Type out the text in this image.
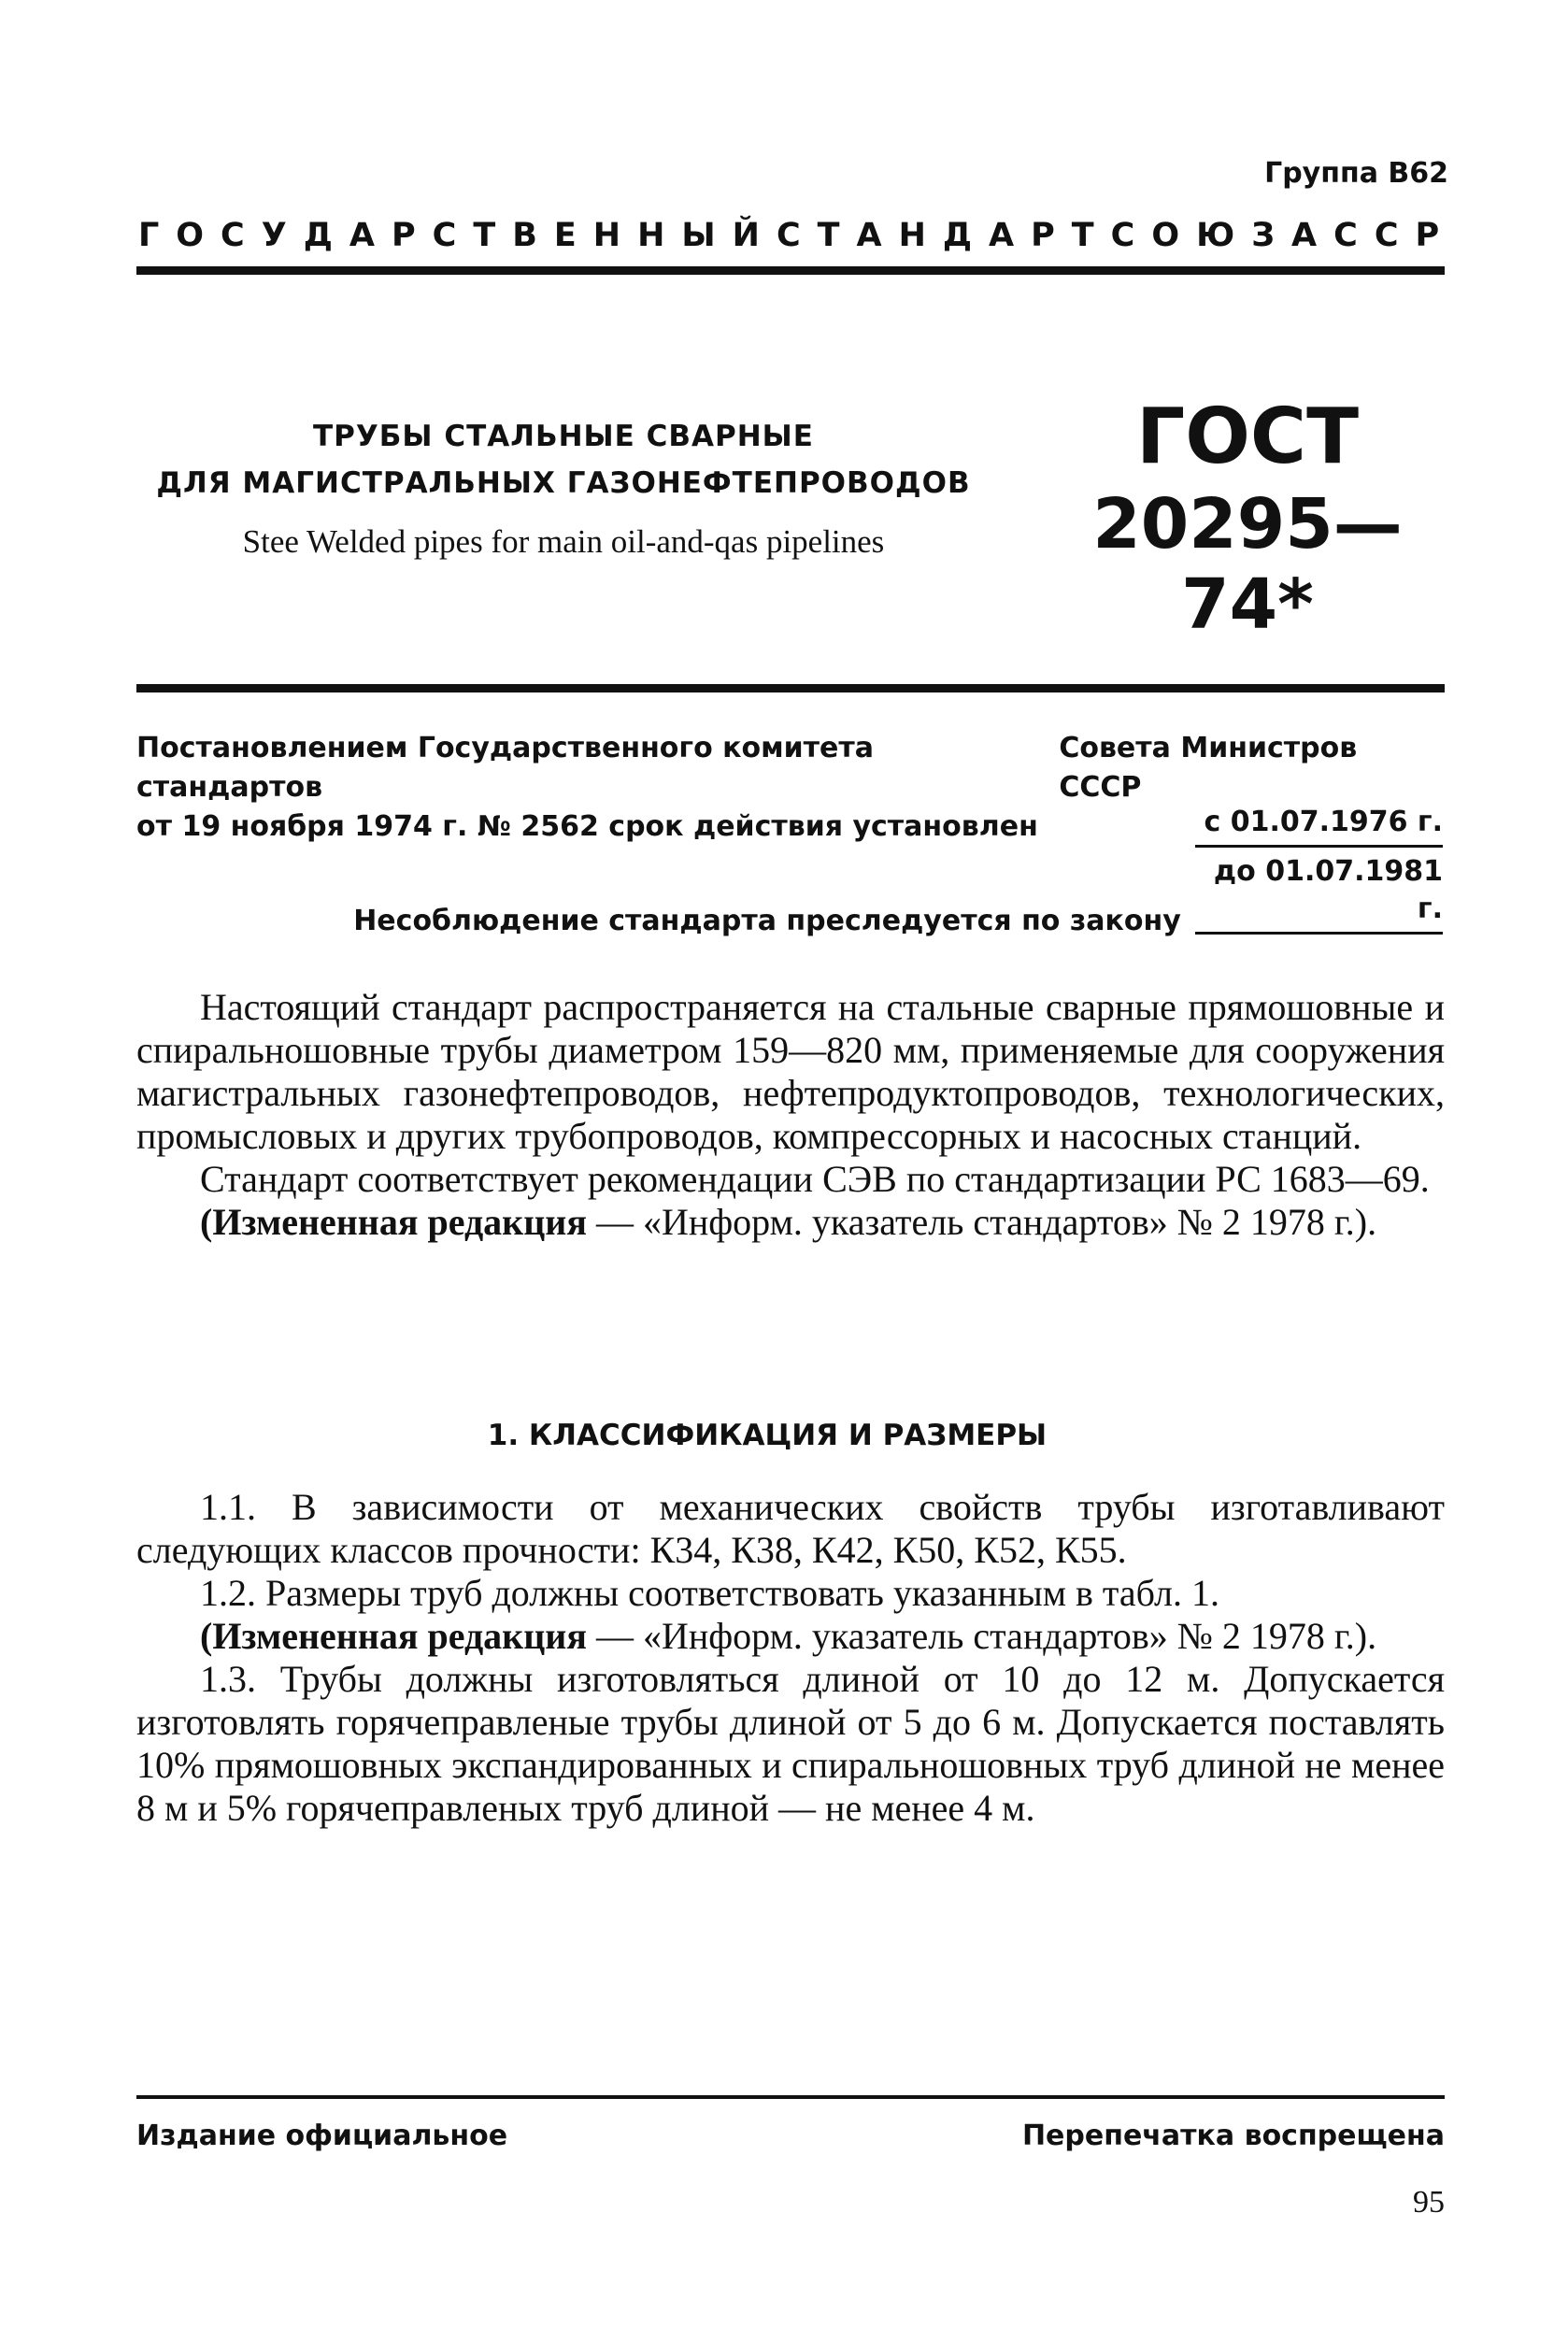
Группа В62
ГОСУДАРСТВЕННЫЙ СТАНДАРТ СОЮЗА ССР
ТРУБЫ СТАЛЬНЫЕ СВАРНЫЕ
ДЛЯ МАГИСТРАЛЬНЫХ ГАЗОНЕФТЕПРОВОДОВ
Stee Welded pipes for main oil-and-qas pipelines
ГОСТ
20295—74*
Постановлением Государственного комитета стандартов
Совета Министров СССР
от 19 ноября 1974 г. № 2562 срок действия установлен	с 01.07.1976 г.
до 01.07.1981 г.
Несоблюдение стандарта преследуется по закону

Настоящий стандарт распространяется на стальные сварные прямошовные и спиральношовные трубы диаметром 159—820 мм, применяемые для сооружения магистральных газонефтепроводов, нефтепродуктопроводов, технологических, промысловых и других трубопроводов, компрессорных и насосных станций.

Стандарт соответствует рекомендации СЭВ по стандартизации РС 1683—69.

(Измененная редакция — «Информ. указатель стандартов» № 2 1978 г.).

1. КЛАССИФИКАЦИЯ И РАЗМЕРЫ

1.1. В зависимости от механических свойств трубы изготавливают следующих классов прочности: К34, К38, К42, К50, К52, К55.

1.2. Размеры труб должны соответствовать указанным в табл. 1.

(Измененная редакция — «Информ. указатель стандартов» № 2 1978 г.).

1.3. Трубы должны изготовляться длиной от 10 до 12 м. Допускается изготовлять горячеправленые трубы длиной от 5 до 6 м. Допускается поставлять 10% прямошовных экспандированных и спиральношовных труб длиной не менее 8 м и 5% горячеправленых труб длиной — не менее 4 м.

Издание официальное	Перепечатка воспрещена
95
